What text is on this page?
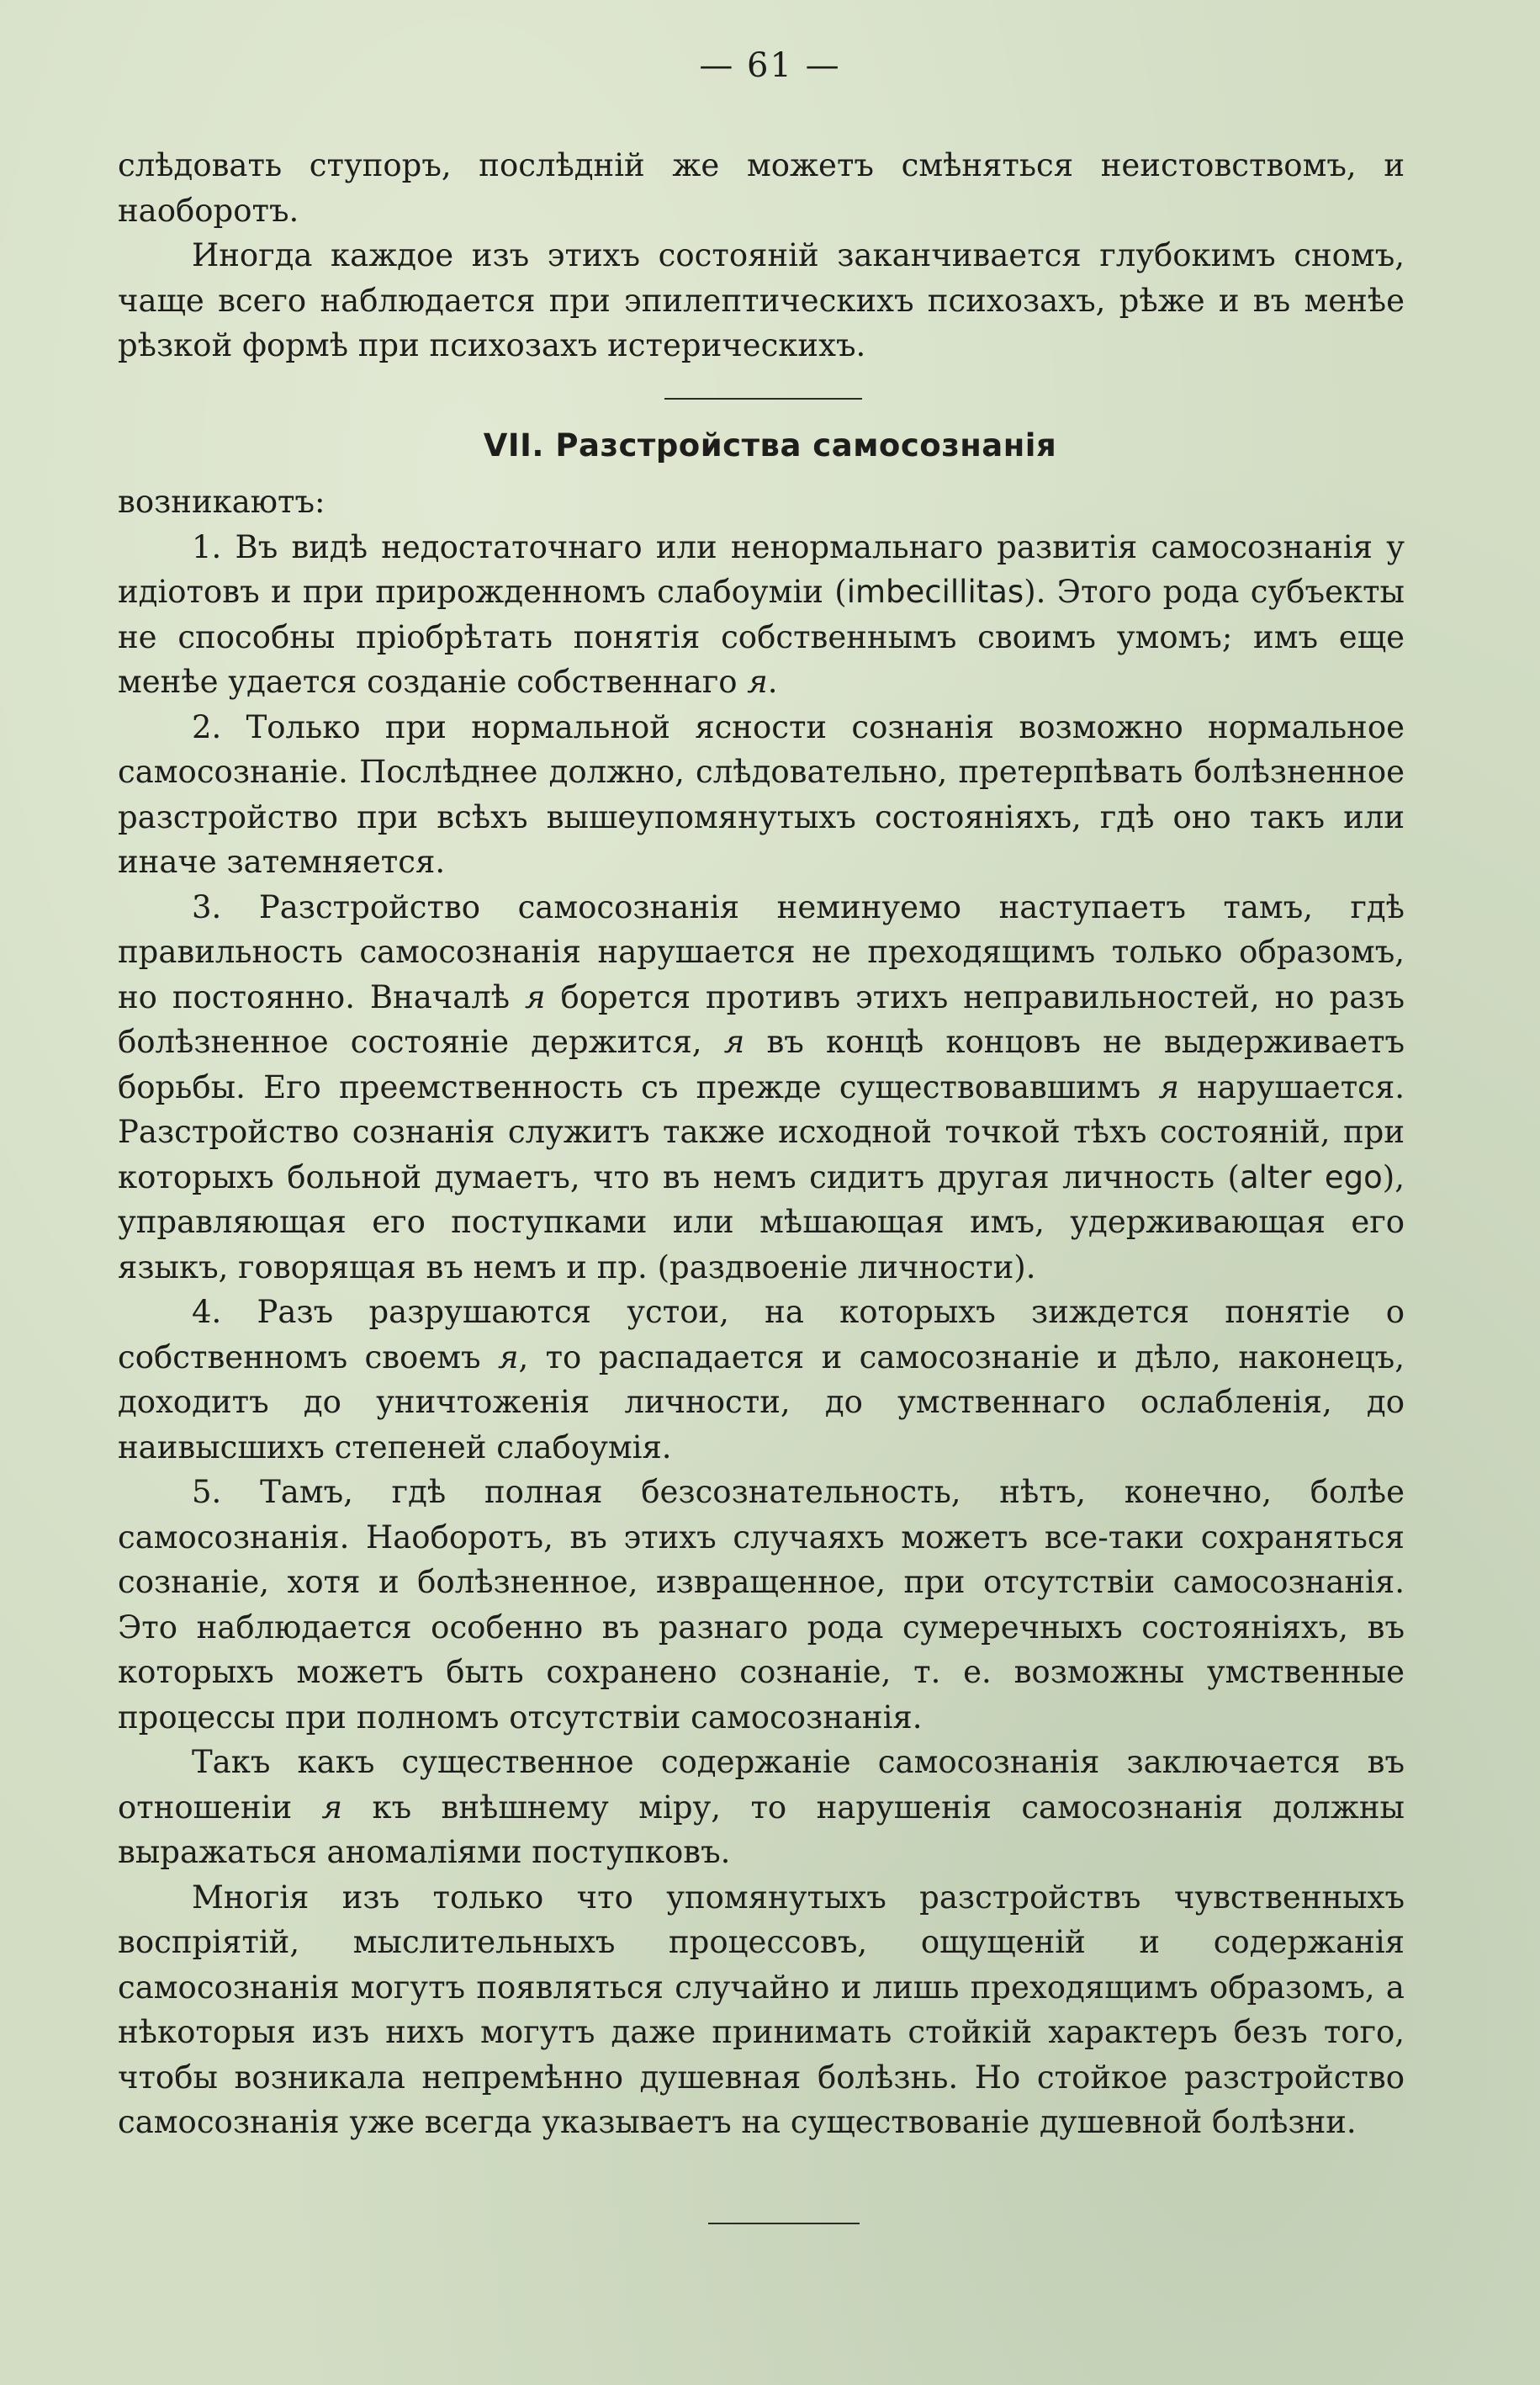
— 61 —

слѣдовать ступоръ, послѣдній же можетъ смѣняться неистовствомъ, и наоборотъ.

Иногда каждое изъ этихъ состояній заканчивается глубокимъ сномъ, чаще всего наблюдается при эпилептическихъ психозахъ, рѣже и въ менѣе рѣзкой формѣ при психозахъ истерическихъ.

VII. Разстройства самосознанія

возникаютъ:

1. Въ видѣ недостаточнаго или ненормальнаго развитія самосознанія у идіотовъ и при прирожденномъ слабоуміи (imbecillitas). Этого рода субъекты не способны пріобрѣтать понятія собственнымъ своимъ умомъ; имъ еще менѣе удается созданіе собственнаго я.

2. Только при нормальной ясности сознанія возможно нормальное самосознаніе. Послѣднее должно, слѣдовательно, претерпѣвать болѣзненное разстройство при всѣхъ вышеупомянутыхъ состояніяхъ, гдѣ оно такъ или иначе затемняется.

3. Разстройство самосознанія неминуемо наступаетъ тамъ, гдѣ правильность самосознанія нарушается не преходящимъ только образомъ, но постоянно. Вначалѣ я борется противъ этихъ неправильностей, но разъ болѣзненное состояніе держится, я въ концѣ концовъ не выдерживаетъ борьбы. Его преемственность съ прежде существовавшимъ я нарушается. Разстройство сознанія служитъ также исходной точкой тѣхъ состояній, при которыхъ больной думаетъ, что въ немъ сидитъ другая личность (alter ego), управляющая его поступками или мѣшающая имъ, удерживающая его языкъ, говорящая въ немъ и пр. (раздвоеніе личности).

4. Разъ разрушаются устои, на которыхъ зиждется понятіе о собственномъ своемъ я, то распадается и самосознаніе и дѣло, наконецъ, доходитъ до уничтоженія личности, до умственнаго ослабленія, до наивысшихъ степеней слабоумія.

5. Тамъ, гдѣ полная безсознательность, нѣтъ, конечно, болѣе самосознанія. Наоборотъ, въ этихъ случаяхъ можетъ все-таки сохраняться сознаніе, хотя и болѣзненное, извращенное, при отсутствіи самосознанія. Это наблюдается особенно въ разнаго рода сумеречныхъ состояніяхъ, въ которыхъ можетъ быть сохранено сознаніе, т. е. возможны умственные процессы при полномъ отсутствіи самосознанія.

Такъ какъ существенное содержаніе самосознанія заключается въ отношеніи я къ внѣшнему міру, то нарушенія самосознанія должны выражаться аномаліями поступковъ.

Многія изъ только что упомянутыхъ разстройствъ чувственныхъ воспріятій, мыслительныхъ процессовъ, ощущеній и содержанія самосознанія могутъ появляться случайно и лишь преходящимъ образомъ, а нѣкоторыя изъ нихъ могутъ даже принимать стойкій характеръ безъ того, чтобы возникала непремѣнно душевная болѣзнь. Но стойкое разстройство самосознанія уже всегда указываетъ на существованіе душевной болѣзни.
